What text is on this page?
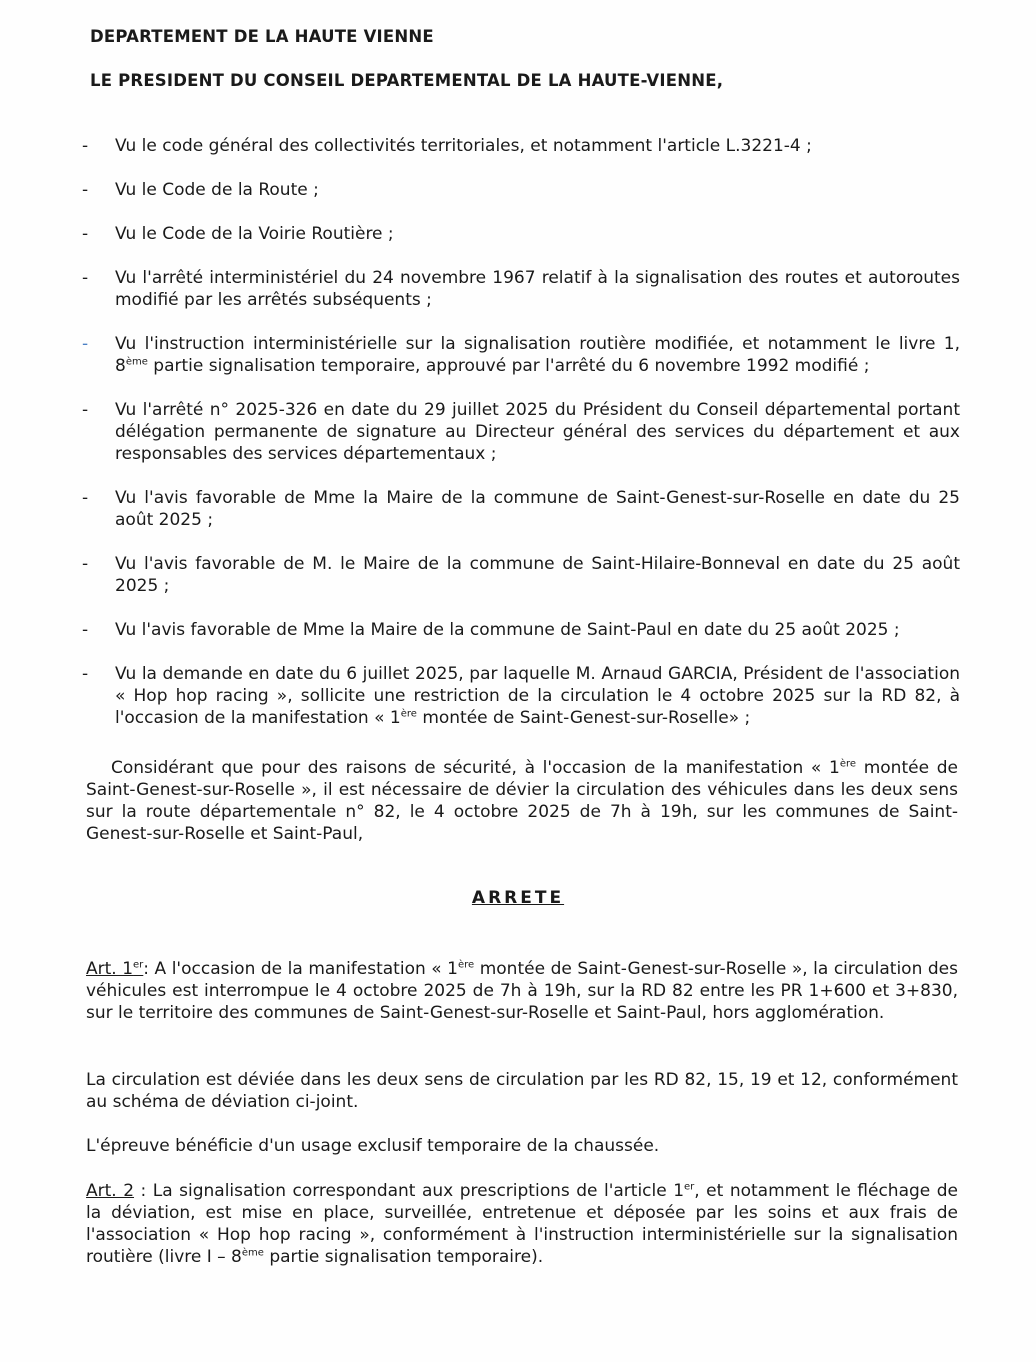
DEPARTEMENT DE LA HAUTE VIENNE
LE PRESIDENT DU CONSEIL DEPARTEMENTAL DE LA HAUTE-VIENNE,
- Vu le code général des collectivités territoriales, et notamment l'article L.3221-4 ;
- Vu le Code de la Route ;
- Vu le Code de la Voirie Routière ;
- Vu l'arrêté interministériel du 24 novembre 1967 relatif à la signalisation des routes et autoroutes modifié par les arrêtés subséquents ;
- Vu l'instruction interministérielle sur la signalisation routière modifiée, et notamment le livre 1, 8ème partie signalisation temporaire, approuvé par l'arrêté du 6 novembre 1992 modifié ;
- Vu l'arrêté n° 2025-326 en date du 29 juillet 2025 du Président du Conseil départemental portant délégation permanente de signature au Directeur général des services du département et aux responsables des services départementaux ;
- Vu l'avis favorable de Mme la Maire de la commune de Saint-Genest-sur-Roselle en date du 25 août 2025 ;
- Vu l'avis favorable de M. le Maire de la commune de Saint-Hilaire-Bonneval en date du 25 août 2025 ;
- Vu l'avis favorable de Mme la Maire de la commune de Saint-Paul en date du 25 août 2025 ;
- Vu la demande en date du 6 juillet 2025, par laquelle M. Arnaud GARCIA, Président de l'association « Hop hop racing », sollicite une restriction de la circulation le 4 octobre 2025 sur la RD 82, à l'occasion de la manifestation « 1ère montée de Saint-Genest-sur-Roselle» ;
Considérant que pour des raisons de sécurité, à l'occasion de la manifestation « 1ère montée de Saint-Genest-sur-Roselle », il est nécessaire de dévier la circulation des véhicules dans les deux sens sur la route départementale n° 82, le 4 octobre 2025 de 7h à 19h, sur les communes de Saint-Genest-sur-Roselle et Saint-Paul,
ARRETE
Art. 1er: A l'occasion de la manifestation « 1ère montée de Saint-Genest-sur-Roselle », la circulation des véhicules est interrompue le 4 octobre 2025 de 7h à 19h, sur la RD 82 entre les PR 1+600 et 3+830, sur le territoire des communes de Saint-Genest-sur-Roselle et Saint-Paul, hors agglomération.
La circulation est déviée dans les deux sens de circulation par les RD 82, 15, 19 et 12, conformément au schéma de déviation ci-joint.
L'épreuve bénéficie d'un usage exclusif temporaire de la chaussée.
Art. 2 : La signalisation correspondant aux prescriptions de l'article 1er, et notamment le fléchage de la déviation, est mise en place, surveillée, entretenue et déposée par les soins et aux frais de l'association « Hop hop racing », conformément à l'instruction interministérielle sur la signalisation routière (livre I – 8ème partie signalisation temporaire).
